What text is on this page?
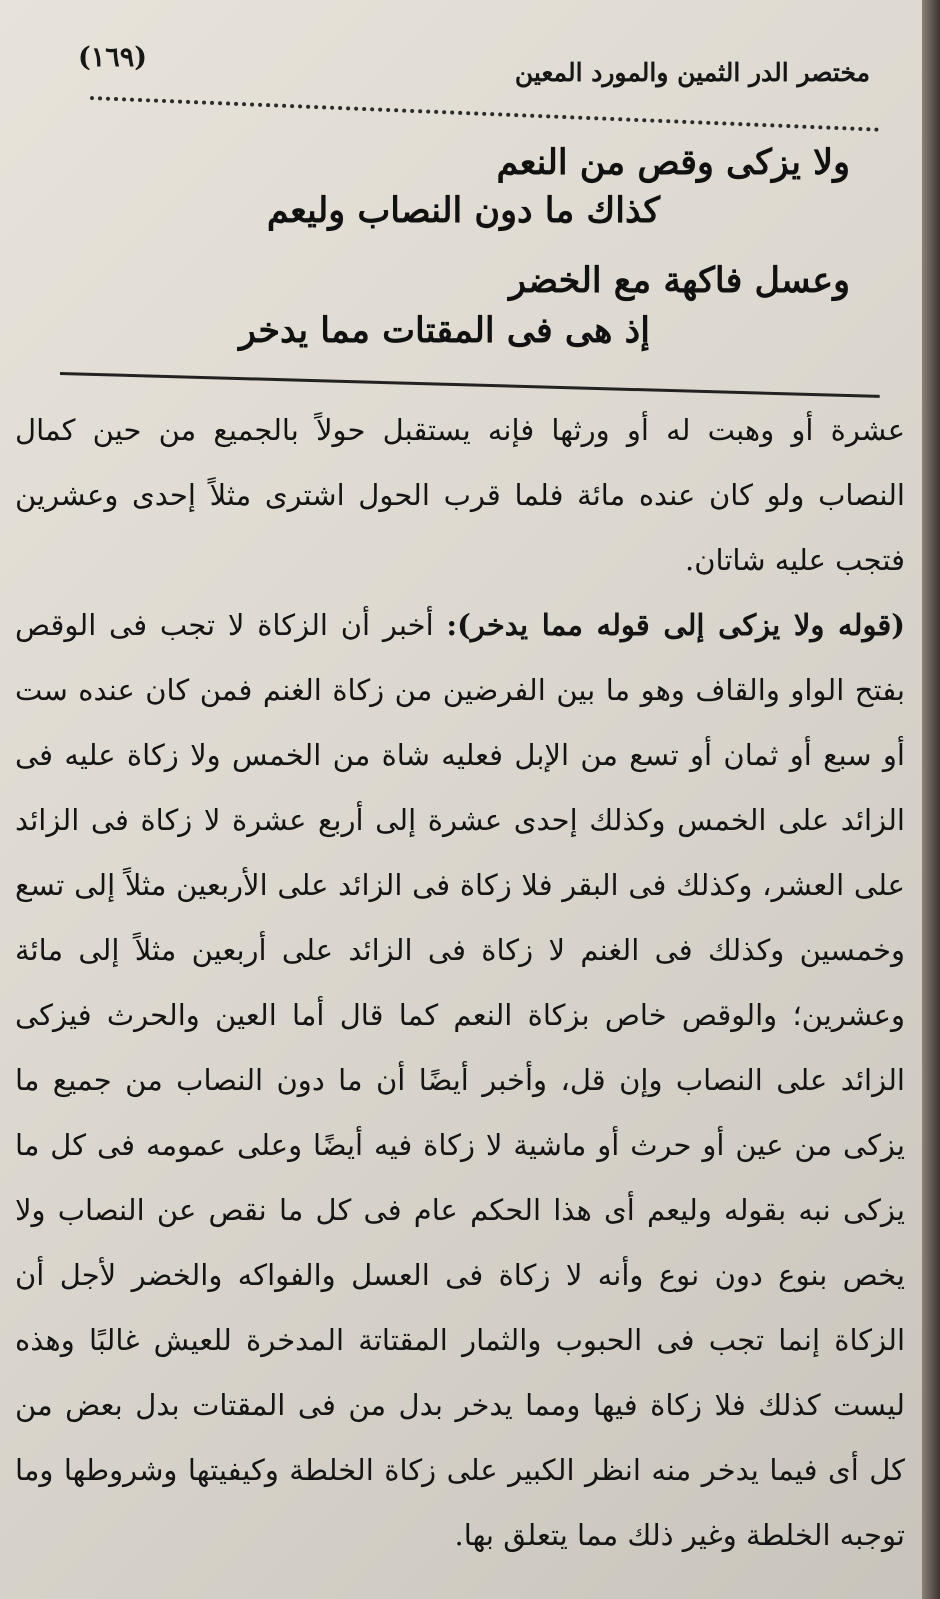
(١٦٩)	مختصر الدر الثمين والمورد المعين
ولا يزكى وقص من النعم
كذاك ما دون النصاب وليعم
وعسل فاكهة مع الخضر
إذ هى فى المقتات مما يدخر

عشرة أو وهبت له أو ورثها فإنه يستقبل حولاً بالجميع من حين كمال النصاب ولو كان عنده مائة فلما قرب الحول اشترى مثلاً إحدى وعشرين فتجب عليه شاتان.

(قوله ولا يزكى إلى قوله مما يدخر): أخبر أن الزكاة لا تجب فى الوقص بفتح الواو والقاف وهو ما بين الفرضين من زكاة الغنم فمن كان عنده ست أو سبع أو ثمان أو تسع من الإبل فعليه شاة من الخمس ولا زكاة عليه فى الزائد على الخمس وكذلك إحدى عشرة إلى أربع عشرة لا زكاة فى الزائد على العشر، وكذلك فى البقر فلا زكاة فى الزائد على الأربعين مثلاً إلى تسع وخمسين وكذلك فى الغنم لا زكاة فى الزائد على أربعين مثلاً إلى مائة وعشرين؛ والوقص خاص بزكاة النعم كما قال أما العين والحرث فيزكى الزائد على النصاب وإن قل، وأخبر أيضًا أن ما دون النصاب من جميع ما يزكى من عين أو حرث أو ماشية لا زكاة فيه أيضًا وعلى عمومه فى كل ما يزكى نبه بقوله وليعم أى هذا الحكم عام فى كل ما نقص عن النصاب ولا يخص بنوع دون نوع وأنه لا زكاة فى العسل والفواكه والخضر لأجل أن الزكاة إنما تجب فى الحبوب والثمار المقتاتة المدخرة للعيش غالبًا وهذه ليست كذلك فلا زكاة فيها ومما يدخر بدل من فى المقتات بدل بعض من كل أى فيما يدخر منه انظر الكبير على زكاة الخلطة وكيفيتها وشروطها وما توجبه الخلطة وغير ذلك مما يتعلق بها.
